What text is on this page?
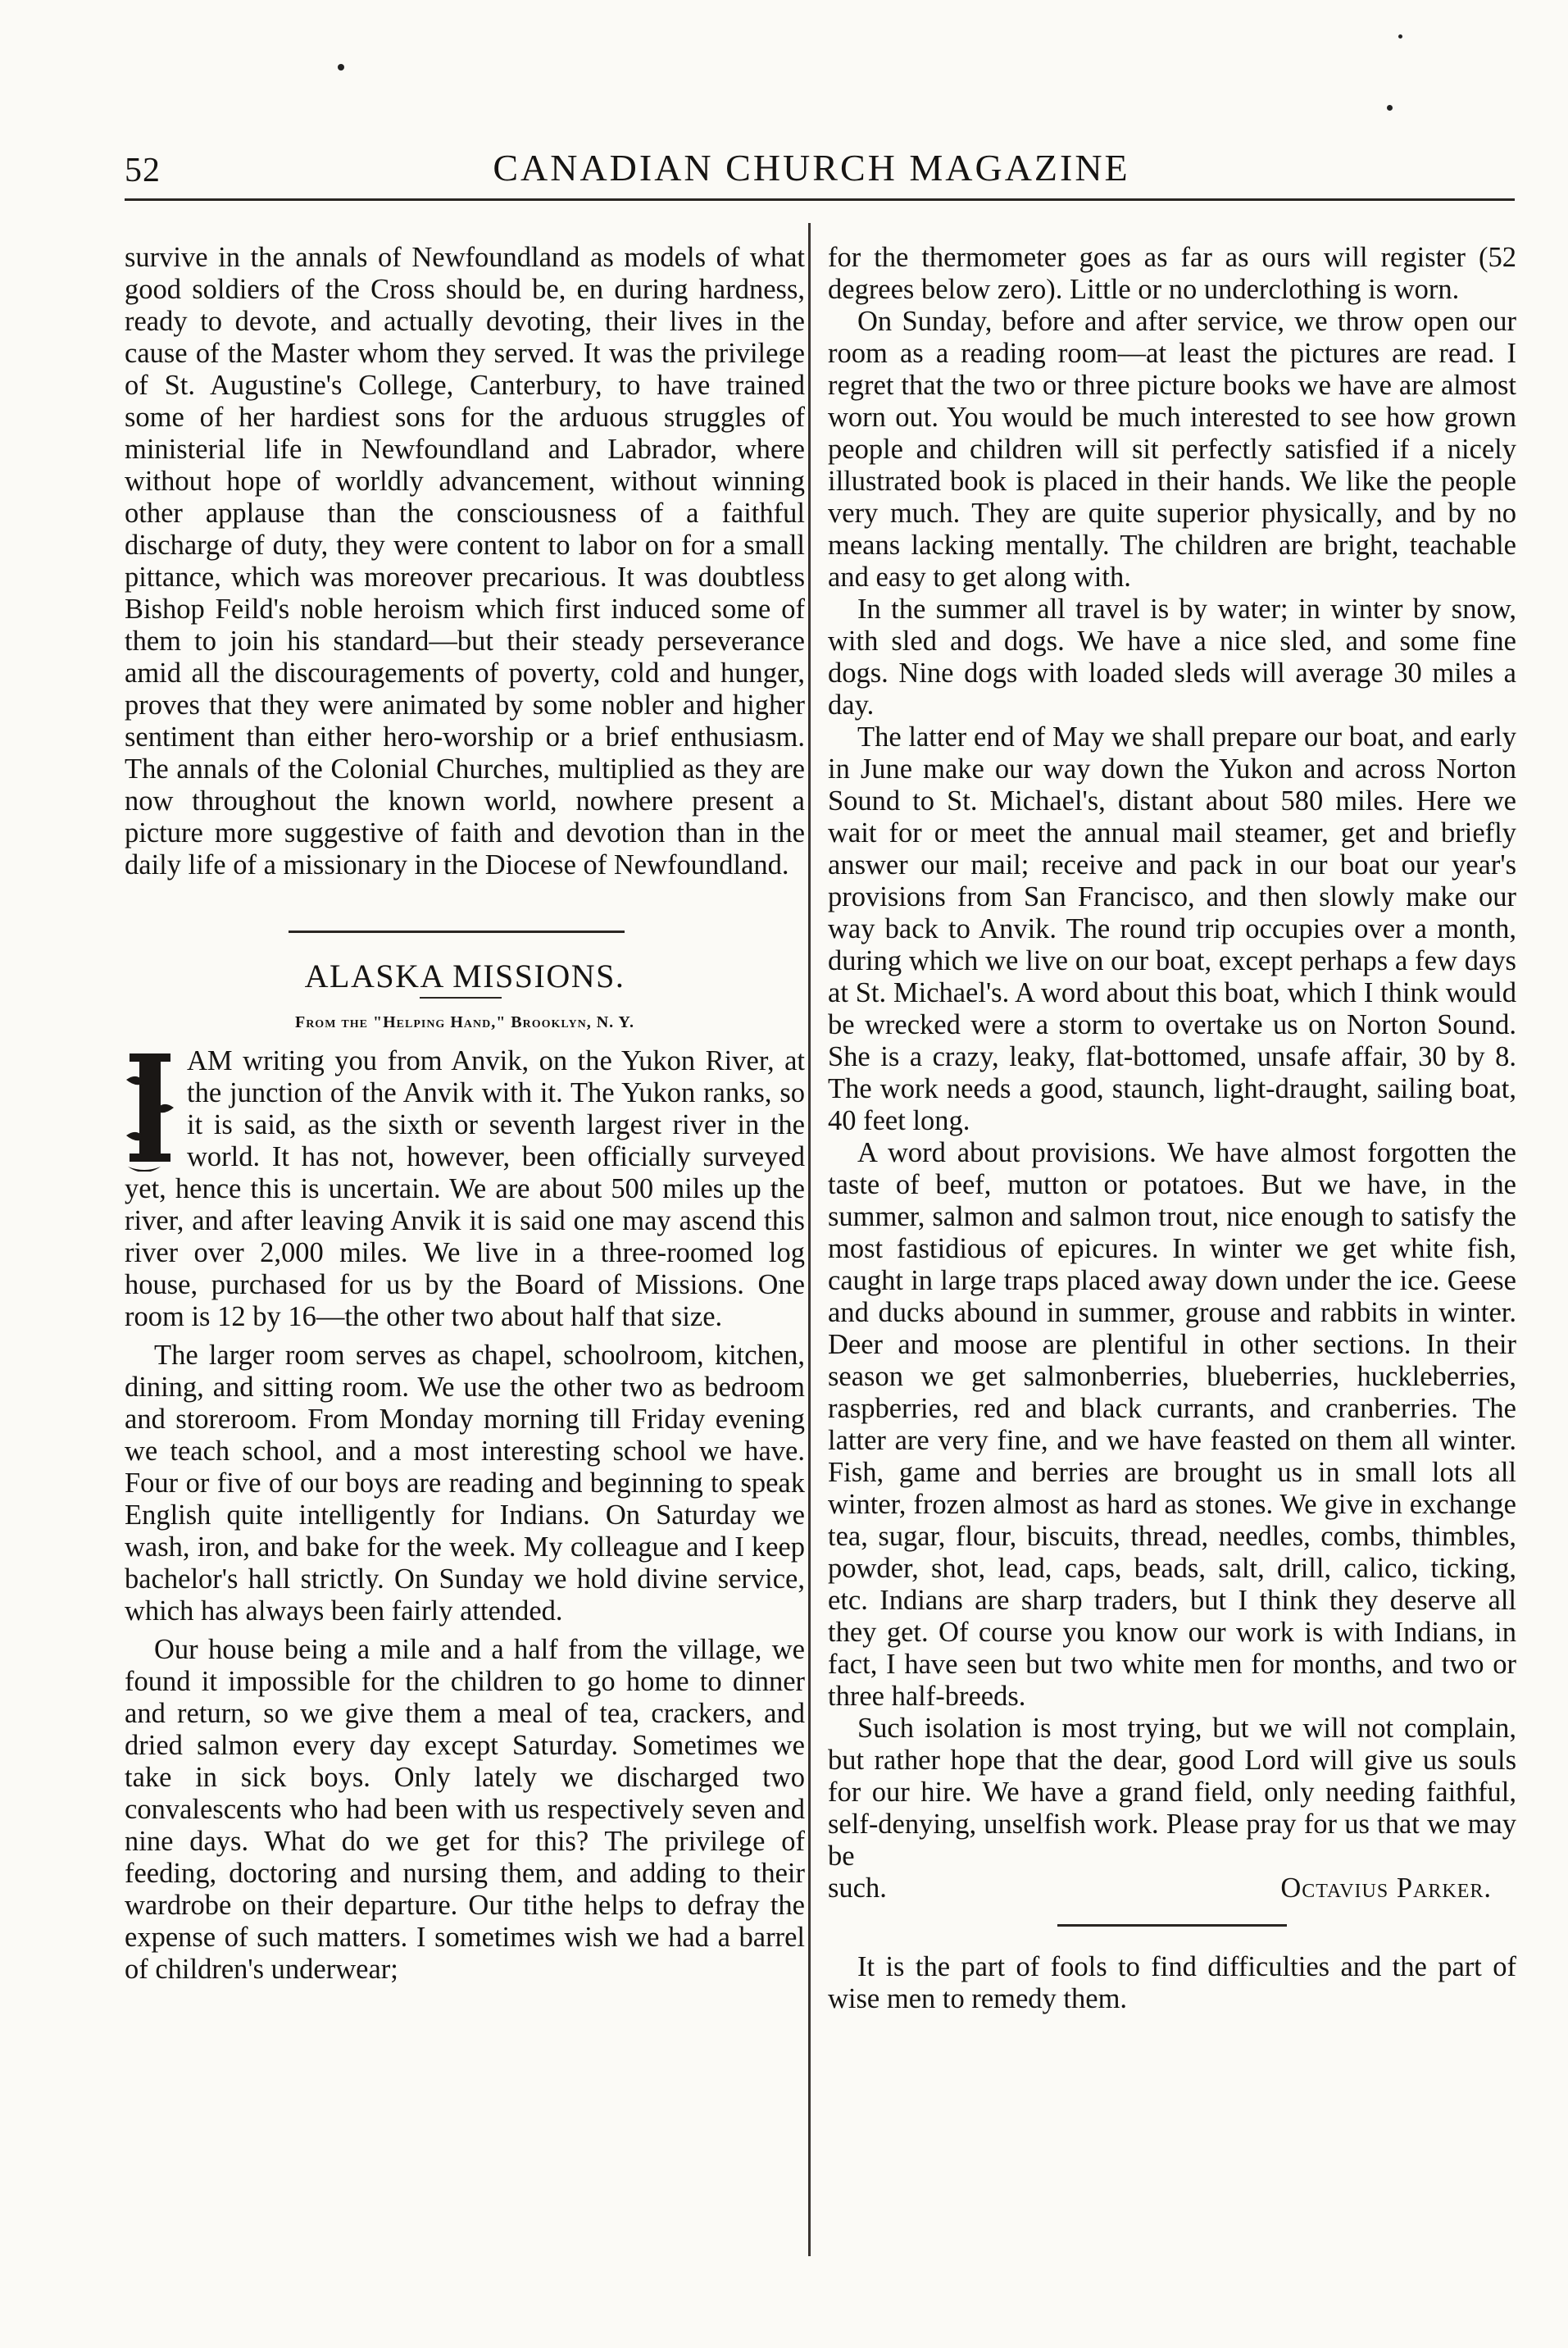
52	CANADIAN CHURCH MAGAZINE

survive in the annals of Newfoundland as models of what good soldiers of the Cross should be, en during hardness, ready to devote, and actually devoting, their lives in the cause of the Master whom they served. It was the privilege of St. Augustine's College, Canterbury, to have trained some of her hardiest sons for the arduous struggles of ministerial life in Newfoundland and Labrador, where without hope of worldly advancement, without winning other applause than the consciousness of a faithful discharge of duty, they were content to labor on for a small pittance, which was moreover precarious. It was doubtless Bishop Feild's noble heroism which first induced some of them to join his standard—but their steady perseverance amid all the discouragements of poverty, cold and hunger, proves that they were animated by some nobler and higher sentiment than either hero-worship or a brief enthusiasm. The annals of the Colonial Churches, multiplied as they are now throughout the known world, nowhere present a picture more suggestive of faith and devotion than in the daily life of a missionary in the Diocese of Newfoundland.

ALASKA MISSIONS.
From the "Helping Hand," Brooklyn, N. Y.

AM writing you from Anvik, on the Yukon River, at the junction of the Anvik with it. The Yukon ranks, so it is said, as the sixth or seventh largest river in the world. It has not, however, been officially surveyed yet, hence this is uncertain. We are about 500 miles up the river, and after leaving Anvik it is said one may ascend this river over 2,000 miles. We live in a three-roomed log house, purchased for us by the Board of Missions. One room is 12 by 16—the other two about half that size.

The larger room serves as chapel, schoolroom, kitchen, dining, and sitting room. We use the other two as bedroom and storeroom. From Monday morning till Friday evening we teach school, and a most interesting school we have. Four or five of our boys are reading and beginning to speak English quite intelligently for Indians. On Saturday we wash, iron, and bake for the week. My colleague and I keep bachelor's hall strictly. On Sunday we hold divine service, which has always been fairly attended.

Our house being a mile and a half from the village, we found it impossible for the children to go home to dinner and return, so we give them a meal of tea, crackers, and dried salmon every day except Saturday. Sometimes we take in sick boys. Only lately we discharged two convalescents who had been with us respectively seven and nine days. What do we get for this? The privilege of feeding, doctoring and nursing them, and adding to their wardrobe on their departure. Our tithe helps to defray the expense of such matters. I sometimes wish we had a barrel of children's underwear;

for the thermometer goes as far as ours will register (52 degrees below zero). Little or no underclothing is worn.

On Sunday, before and after service, we throw open our room as a reading room—at least the pictures are read. I regret that the two or three picture books we have are almost worn out. You would be much interested to see how grown people and children will sit perfectly satisfied if a nicely illustrated book is placed in their hands. We like the people very much. They are quite superior physically, and by no means lacking mentally. The children are bright, teachable and easy to get along with.

In the summer all travel is by water; in winter by snow, with sled and dogs. We have a nice sled, and some fine dogs. Nine dogs with loaded sleds will average 30 miles a day.

The latter end of May we shall prepare our boat, and early in June make our way down the Yukon and across Norton Sound to St. Michael's, distant about 580 miles. Here we wait for or meet the annual mail steamer, get and briefly answer our mail; receive and pack in our boat our year's provisions from San Francisco, and then slowly make our way back to Anvik. The round trip occupies over a month, during which we live on our boat, except perhaps a few days at St. Michael's. A word about this boat, which I think would be wrecked were a storm to overtake us on Norton Sound. She is a crazy, leaky, flat-bottomed, unsafe affair, 30 by 8. The work needs a good, staunch, light-draught, sailing boat, 40 feet long.

A word about provisions. We have almost forgotten the taste of beef, mutton or potatoes. But we have, in the summer, salmon and salmon trout, nice enough to satisfy the most fastidious of epicures. In winter we get white fish, caught in large traps placed away down under the ice. Geese and ducks abound in summer, grouse and rabbits in winter. Deer and moose are plentiful in other sections. In their season we get salmonberries, blueberries, huckleberries, raspberries, red and black currants, and cranberries. The latter are very fine, and we have feasted on them all winter. Fish, game and berries are brought us in small lots all winter, frozen almost as hard as stones. We give in exchange tea, sugar, flour, biscuits, thread, needles, combs, thimbles, powder, shot, lead, caps, beads, salt, drill, calico, ticking, etc. Indians are sharp traders, but I think they deserve all they get. Of course you know our work is with Indians, in fact, I have seen but two white men for months, and two or three half-breeds.

Such isolation is most trying, but we will not complain, but rather hope that the dear, good Lord will give us souls for our hire. We have a grand field, only needing faithful, self-denying, unselfish work. Please pray for us that we may be

such.	Octavius Parker.

It is the part of fools to find difficulties and the part of wise men to remedy them.
